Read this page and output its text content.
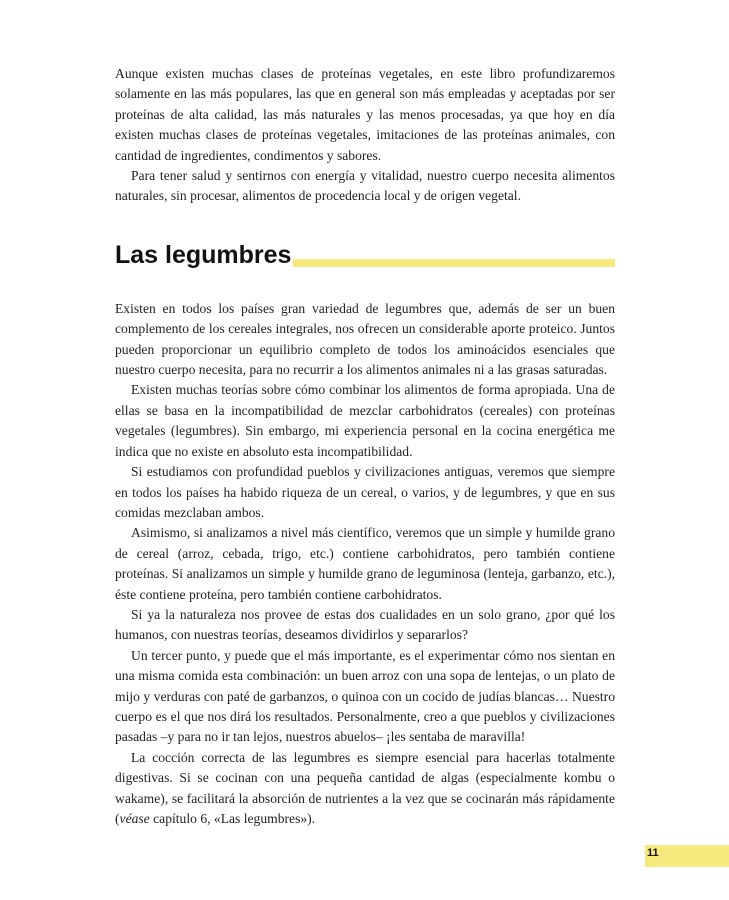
Aunque existen muchas clases de proteínas vegetales, en este libro profundizaremos solamente en las más populares, las que en general son más empleadas y aceptadas por ser proteínas de alta calidad, las más naturales y las menos procesadas, ya que hoy en día existen muchas clases de proteínas vegetales, imitaciones de las proteínas animales, con cantidad de ingredientes, condimentos y sabores.

Para tener salud y sentirnos con energía y vitalidad, nuestro cuerpo necesita alimentos naturales, sin procesar, alimentos de procedencia local y de origen vegetal.

Las legumbres

Existen en todos los países gran variedad de legumbres que, además de ser un buen complemento de los cereales integrales, nos ofrecen un considerable aporte proteico. Juntos pueden proporcionar un equilibrio completo de todos los aminoácidos esenciales que nuestro cuerpo necesita, para no recurrir a los alimentos animales ni a las grasas saturadas.

Existen muchas teorías sobre cómo combinar los alimentos de forma apropiada. Una de ellas se basa en la incompatibilidad de mezclar carbohidratos (cereales) con proteínas vegetales (legumbres). Sin embargo, mi experiencia personal en la cocina energética me indica que no existe en absoluto esta incompatibilidad.

Si estudiamos con profundidad pueblos y civilizaciones antiguas, veremos que siempre en todos los países ha habido riqueza de un cereal, o varios, y de legumbres, y que en sus comidas mezclaban ambos.

Asimismo, si analizamos a nivel más científico, veremos que un simple y humilde grano de cereal (arroz, cebada, trigo, etc.) contiene carbohidratos, pero también contiene proteínas. Si analizamos un simple y humilde grano de leguminosa (lenteja, garbanzo, etc.), éste contiene proteína, pero también contiene carbohidratos.

Si ya la naturaleza nos provee de estas dos cualidades en un solo grano, ¿por qué los humanos, con nuestras teorías, deseamos dividirlos y separarlos?

Un tercer punto, y puede que el más importante, es el experimentar cómo nos sientan en una misma comida esta combinación: un buen arroz con una sopa de lentejas, o un plato de mijo y verduras con paté de garbanzos, o quinoa con un cocido de judías blancas… Nuestro cuerpo es el que nos dirá los resultados. Personalmente, creo a que pueblos y civilizaciones pasadas –y para no ir tan lejos, nuestros abuelos– ¡les sentaba de maravilla!

La cocción correcta de las legumbres es siempre esencial para hacerlas totalmente digestivas. Si se cocinan con una pequeña cantidad de algas (especialmente kombu o wakame), se facilitará la absorción de nutrientes a la vez que se cocinarán más rápidamente (véase capítulo 6, «Las legumbres»).

11
